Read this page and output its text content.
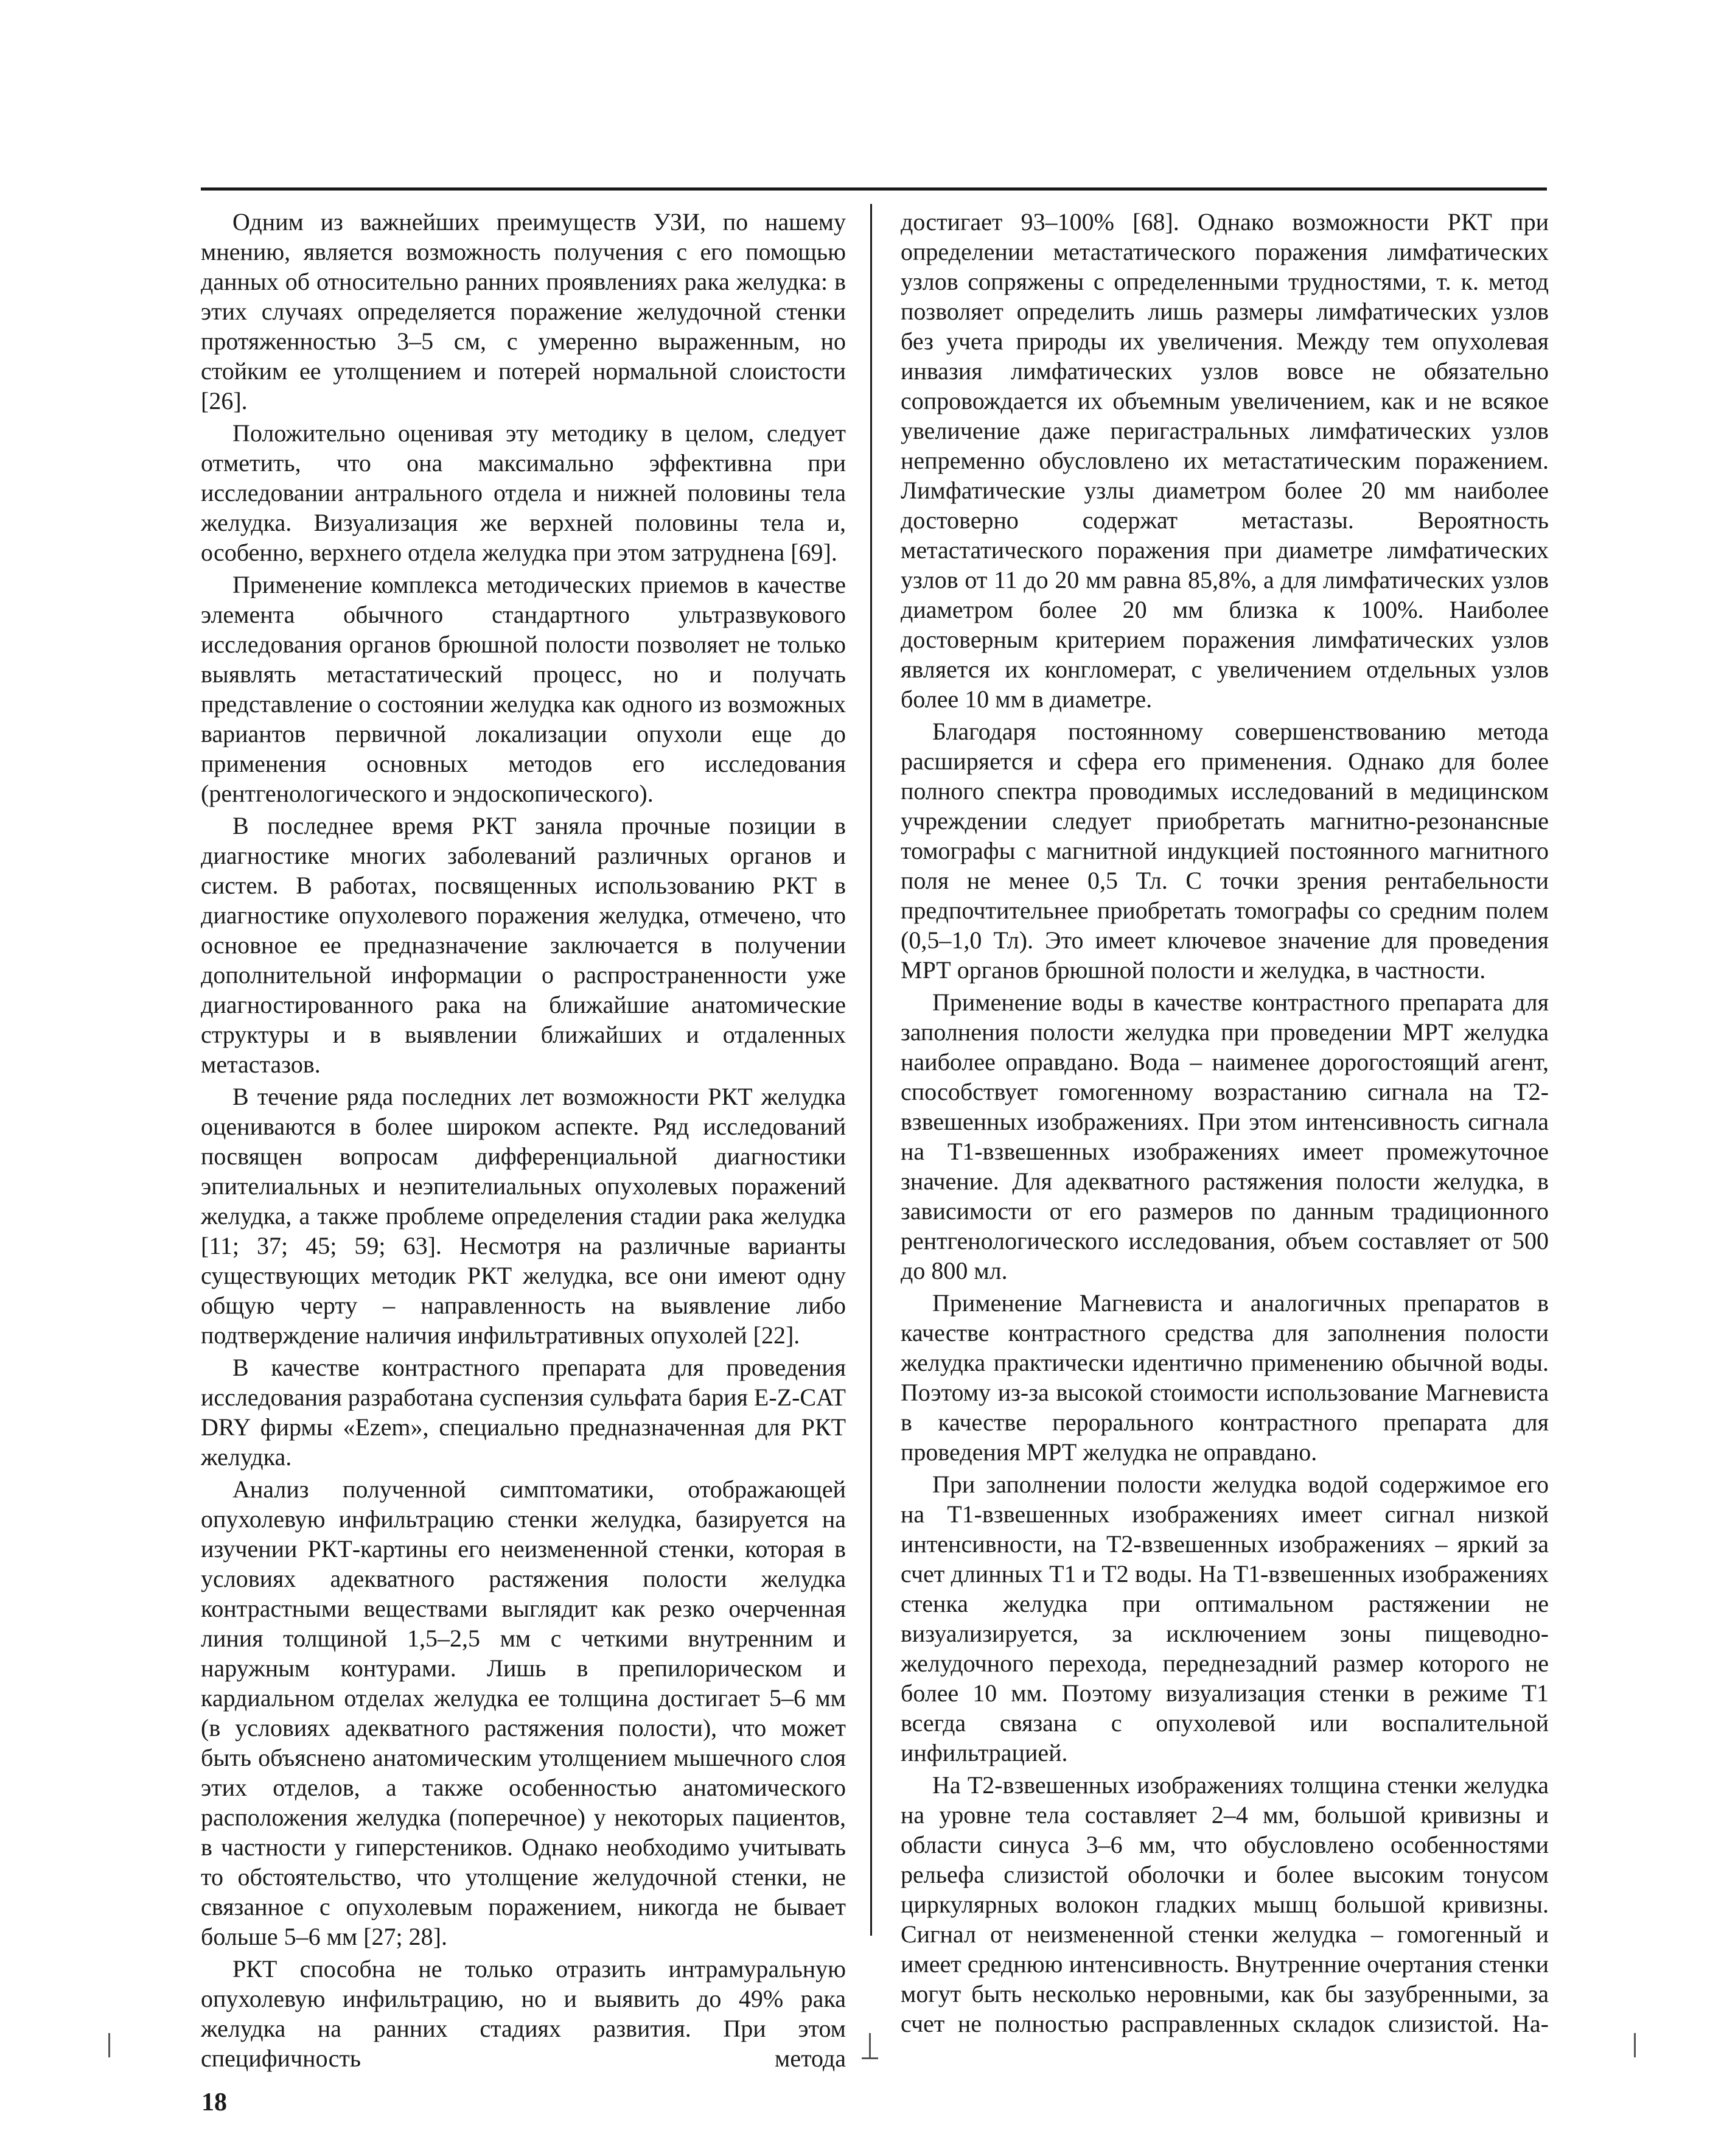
Одним из важнейших преимуществ УЗИ, по нашему мнению, является возможность получения с его помощью данных об относительно ранних проявлениях рака желудка: в этих случаях определяется поражение желудочной стенки протяженностью 3–5 см, с умеренно выраженным, но стойким ее утолщением и потерей нормальной слоистости [26].

Положительно оценивая эту методику в целом, следует отметить, что она максимально эффективна при исследовании антрального отдела и нижней половины тела желудка. Визуализация же верхней половины тела и, особенно, верхнего отдела желудка при этом затруднена [69].

Применение комплекса методических приемов в качестве элемента обычного стандартного ультразвукового исследования органов брюшной полости позволяет не только выявлять метастатический процесс, но и получать представление о состоянии желудка как одного из возможных вариантов первичной локализации опухоли еще до применения основных методов его исследования (рентгенологического и эндоскопического).

В последнее время РКТ заняла прочные позиции в диагностике многих заболеваний различных органов и систем. В работах, посвященных использованию РКТ в диагностике опухолевого поражения желудка, отмечено, что основное ее предназначение заключается в получении дополнительной информации о распространенности уже диагностированного рака на ближайшие анатомические структуры и в выявлении ближайших и отдаленных метастазов.

В течение ряда последних лет возможности РКТ желудка оцениваются в более широком аспекте. Ряд исследований посвящен вопросам дифференциальной диагностики эпителиальных и неэпителиальных опухолевых поражений желудка, а также проблеме определения стадии рака желудка [11; 37; 45; 59; 63]. Несмотря на различные варианты существующих методик РКТ желудка, все они имеют одну общую черту – направленность на выявление либо подтверждение наличия инфильтративных опухолей [22].

В качестве контрастного препарата для проведения исследования разработана суспензия сульфата бария E-Z-CAT DRY фирмы «Ezem», специально предназначенная для РКТ желудка.

Анализ полученной симптоматики, отображающей опухолевую инфильтрацию стенки желудка, базируется на изучении РКТ-картины его неизмененной стенки, которая в условиях адекватного растяжения полости желудка контрастными веществами выглядит как резко очерченная линия толщиной 1,5–2,5 мм с четкими внутренним и наружным контурами. Лишь в препилорическом и кардиальном отделах желудка ее толщина достигает 5–6 мм (в условиях адекватного растяжения полости), что может быть объяснено анатомическим утолщением мышечного слоя этих отделов, а также особенностью анатомического расположения желудка (поперечное) у некоторых пациентов, в частности у гиперстеников. Однако необходимо учитывать то обстоятельство, что утолщение желудочной стенки, не связанное с опухолевым поражением, никогда не бывает больше 5–6 мм [27; 28].

РКТ способна не только отразить интрамуральную опухолевую инфильтрацию, но и выявить до 49% рака желудка на ранних стадиях развития. При этом специфичность метода

достигает 93–100% [68]. Однако возможности РКТ при определении метастатического поражения лимфатических узлов сопряжены с определенными трудностями, т. к. метод позволяет определить лишь размеры лимфатических узлов без учета природы их увеличения. Между тем опухолевая инвазия лимфатических узлов вовсе не обязательно сопровождается их объемным увеличением, как и не всякое увеличение даже перигастральных лимфатических узлов непременно обусловлено их метастатическим поражением. Лимфатические узлы диаметром более 20 мм наиболее достоверно содержат метастазы. Вероятность метастатического поражения при диаметре лимфатических узлов от 11 до 20 мм равна 85,8%, а для лимфатических узлов диаметром более 20 мм близка к 100%. Наиболее достоверным критерием поражения лимфатических узлов является их конгломерат, с увеличением отдельных узлов более 10 мм в диаметре.

Благодаря постоянному совершенствованию метода расширяется и сфера его применения. Однако для более полного спектра проводимых исследований в медицинском учреждении следует приобретать магнитно-резонансные томографы с магнитной индукцией постоянного магнитного поля не менее 0,5 Тл. С точки зрения рентабельности предпочтительнее приобретать томографы со средним полем (0,5–1,0 Тл). Это имеет ключевое значение для проведения МРТ органов брюшной полости и желудка, в частности.

Применение воды в качестве контрастного препарата для заполнения полости желудка при проведении МРТ желудка наиболее оправдано. Вода – наименее дорогостоящий агент, способствует гомогенному возрастанию сигнала на Т2-взвешенных изображениях. При этом интенсивность сигнала на Т1-взвешенных изображениях имеет промежуточное значение. Для адекватного растяжения полости желудка, в зависимости от его размеров по данным традиционного рентгенологического исследования, объем составляет от 500 до 800 мл.

Применение Магневиста и аналогичных препаратов в качестве контрастного средства для заполнения полости желудка практически идентично применению обычной воды. Поэтому из-за высокой стоимости использование Магневиста в качестве перорального контрастного препарата для проведения МРТ желудка не оправдано.

При заполнении полости желудка водой содержимое его на Т1-взвешенных изображениях имеет сигнал низкой интенсивности, на Т2-взвешенных изображениях – яркий за счет длинных Т1 и Т2 воды. На Т1-взвешенных изображениях стенка желудка при оптимальном растяжении не визуализируется, за исключением зоны пищеводно-желудочного перехода, переднезадний размер которого не более 10 мм. Поэтому визуализация стенки в режиме Т1 всегда связана с опухолевой или воспалительной инфильтрацией.

На Т2-взвешенных изображениях толщина стенки желудка на уровне тела составляет 2–4 мм, большой кривизны и области синуса 3–6 мм, что обусловлено особенностями рельефа слизистой оболочки и более высоким тонусом циркулярных волокон гладких мышц большой кривизны. Сигнал от неизмененной стенки желудка – гомогенный и имеет среднюю интенсивность. Внутренние очертания стенки могут быть несколько неровными, как бы зазубренными, за счет не полностью расправленных складок слизистой. На-

18
